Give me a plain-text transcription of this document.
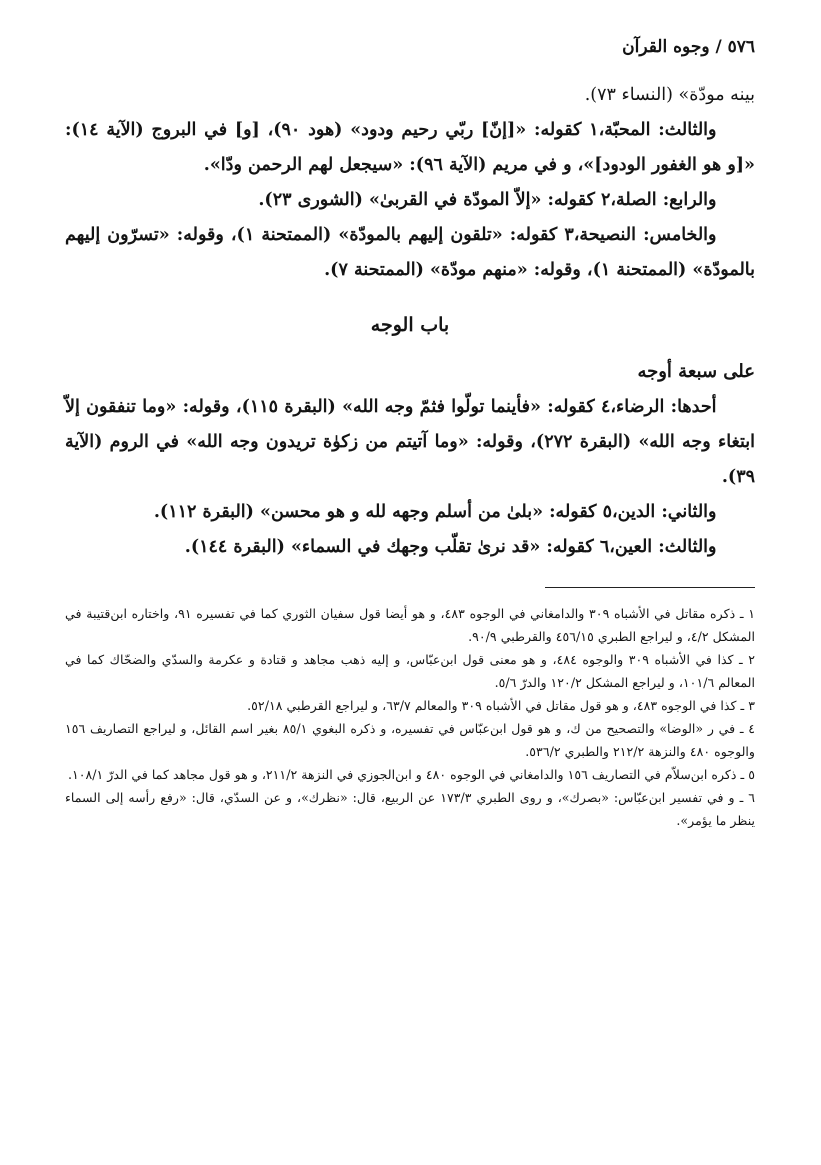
٥٧٦ / وجوه القرآن
بينه مودّة» (النساء ٧٣).
والثالث: المحبّة،١ كقوله: «[إنّ] ربّي رحيم ودود» (هود ٩٠)، [و] في البروج (الآية ١٤): «[و هو الغفور الودود]»، و في مريم (الآية ٩٦): «سيجعل لهم الرحمن ودّا».
والرابع: الصلة،٢ كقوله: «إلاّ المودّة في القربىٰ» (الشورى ٢٣).
والخامس: النصيحة،٣ كقوله: «تلقون إليهم بالمودّة» (الممتحنة ١)، وقوله: «تسرّون إليهم بالمودّة» (الممتحنة ١)، وقوله: «منهم مودّة» (الممتحنة ٧).
باب الوجه
على سبعة أوجه
أحدها: الرضاء،٤ كقوله: «فأينما تولّوا فثمّ وجه الله» (البقرة ١١٥)، وقوله: «وما تنفقون إلاّ ابتغاء وجه الله» (البقرة ٢٧٢)، وقوله: «وما آتيتم من زكوٰة تريدون وجه الله» في الروم (الآية ٣٩).
والثاني: الدين،٥ كقوله: «بلىٰ من أسلم وجهه لله و هو محسن» (البقرة ١١٢).
والثالث: العين،٦ كقوله: «قد نرىٰ تقلّب وجهك في السماء» (البقرة ١٤٤).
١ ـ ذكره مقاتل في الأشباه ٣٠٩ والدامغاني في الوجوه ٤٨٣، و هو أيضا قول سفيان الثوري كما في تفسيره ٩١، واختاره ابن‌قتيبة في المشكل ٤/٢، و ليراجع الطبري ٤٥٦/١٥ والقرطبي ٩٠/٩.
٢ ـ كذا في الأشباه ٣٠٩ والوجوه ٤٨٤، و هو معنى قول ابن‌عبّاس، و إليه ذهب مجاهد و قتادة و عكرمة والسدّي والضحّاك كما في المعالم ١٠١/٦، و ليراجع المشكل ١٢٠/٢ والدرّ ٥/٦.
٣ ـ كذا في الوجوه ٤٨٣، و هو قول مقاتل في الأشباه ٣٠٩ والمعالم ٦٣/٧، و ليراجع القرطبي ٥٢/١٨.
٤ ـ في ر «الوضا» والتصحيح من ك، و هو قول ابن‌عبّاس في تفسيره، و ذكره البغوي ٨٥/١ بغير اسم القائل، و ليراجع التصاريف ١٥٦ والوجوه ٤٨٠ والنزهة ٢١٢/٢ والطبري ٥٣٦/٢.
٥ ـ ذكره ابن‌سلاّم في التصاريف ١٥٦ والدامغاني في الوجوه ٤٨٠ و ابن‌الجوزي في النزهة ٢١١/٢، و هو قول مجاهد كما في الدرّ ١٠٨/١.
٦ ـ و في تفسير ابن‌عبّاس: «بصرك»، و روى الطبري ١٧٣/٣ عن الربيع، قال: «نظرك»، و عن السدّي، قال: «رفع رأسه إلى السماء ينظر ما يؤمر».
